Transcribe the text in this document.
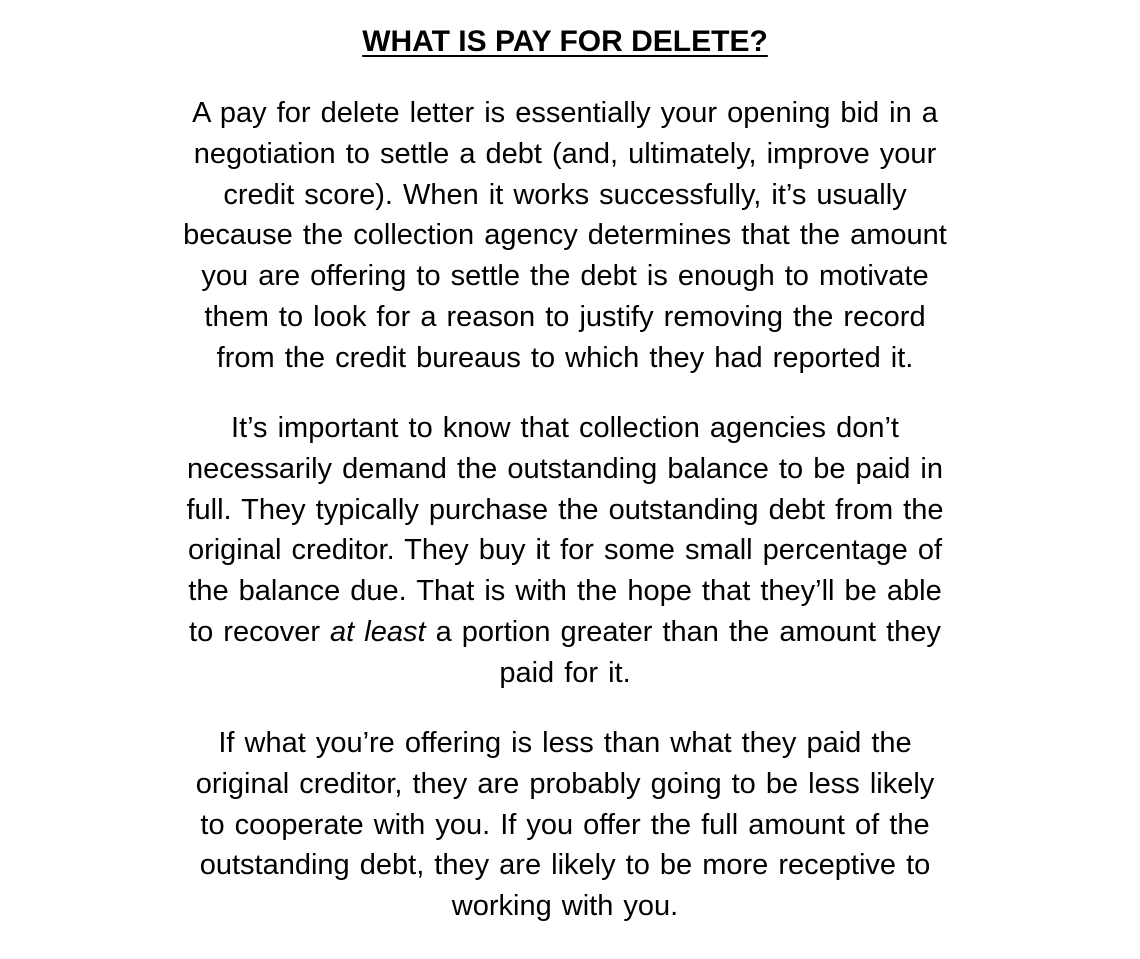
WHAT IS PAY FOR DELETE?
A pay for delete letter is essentially your opening bid in a
negotiation to settle a debt (and, ultimately, improve your
credit score). When it works successfully, it’s usually
because the collection agency determines that the amount
you are offering to settle the debt is enough to motivate
them to look for a reason to justify removing the record
from the credit bureaus to which they had reported it.
It’s important to know that collection agencies don’t
necessarily demand the outstanding balance to be paid in
full. They typically purchase the outstanding debt from the
original creditor. They buy it for some small percentage of
the balance due. That is with the hope that they’ll be able
to recover at least a portion greater than the amount they
paid for it.
If what you’re offering is less than what they paid the
original creditor, they are probably going to be less likely
to cooperate with you. If you offer the full amount of the
outstanding debt, they are likely to be more receptive to
working with you.
